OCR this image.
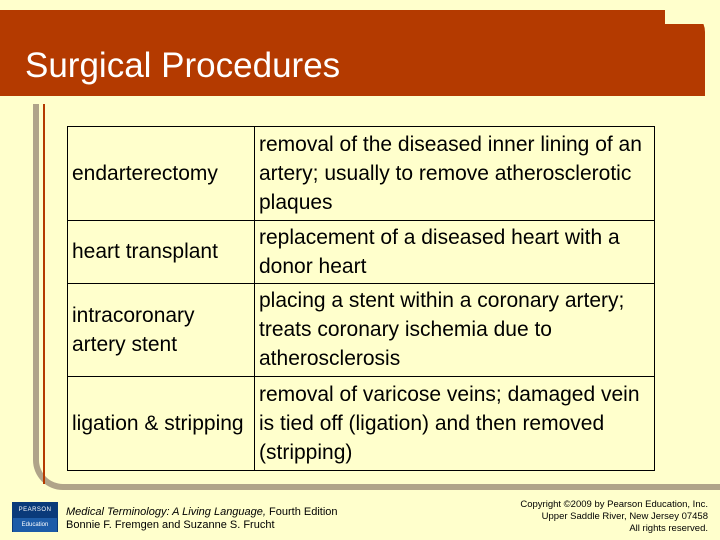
Surgical Procedures
endarterectomy	removal of the diseased inner lining of an artery; usually to remove atherosclerotic plaques
heart transplant	replacement of a diseased heart with a donor heart
intracoronary artery stent	placing a stent within a coronary artery; treats coronary ischemia due to atherosclerosis
ligation & stripping	removal of varicose veins; damaged vein is tied off (ligation) and then removed (stripping)
PEARSON
Education
Medical Terminology: A Living Language, Fourth Edition
Bonnie F. Fremgen and Suzanne S. Frucht
Copyright ©2009 by Pearson Education, Inc.
Upper Saddle River, New Jersey 07458
All rights reserved.
